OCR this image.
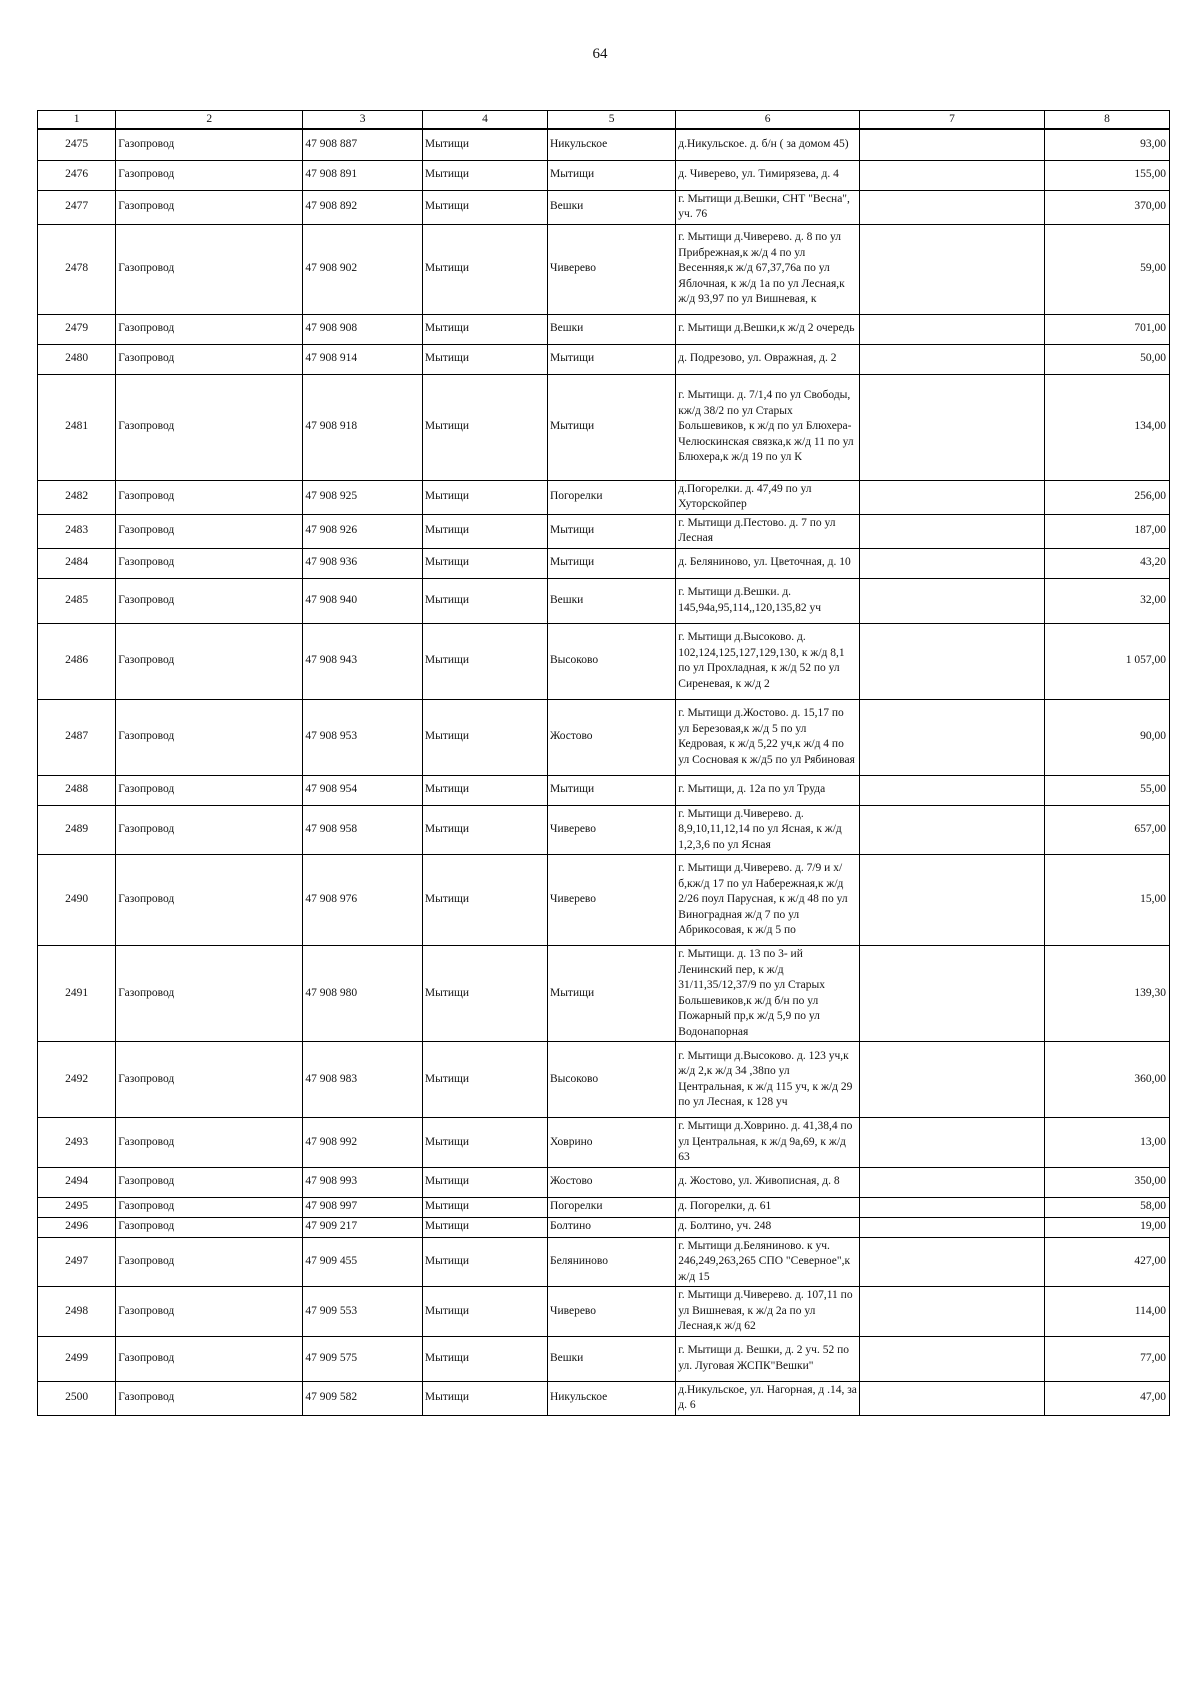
64
1	2	3	4	5	6	7	8
2475	Газопровод	47 908 887	Мытищи	Никульское	д.Никульское. д. б/н ( за домом 45)		93,00
2476	Газопровод	47 908 891	Мытищи	Мытищи	д. Чиверево, ул. Тимирязева, д. 4		155,00
2477	Газопровод	47 908 892	Мытищи	Вешки	г. Мытищи д.Вешки, СНТ "Весна", уч. 76		370,00
2478	Газопровод	47 908 902	Мытищи	Чиверево	г. Мытищи д.Чиверево. д. 8 по ул Прибрежная,к ж/д 4 по ул Весенняя,к ж/д 67,37,76а по ул Яблочная, к ж/д 1а по ул Лесная,к ж/д 93,97 по ул Вишневая, к		59,00
2479	Газопровод	47 908 908	Мытищи	Вешки	г. Мытищи д.Вешки,к ж/д 2 очередь		701,00
2480	Газопровод	47 908 914	Мытищи	Мытищи	д. Подрезово, ул. Овражная, д. 2		50,00
2481	Газопровод	47 908 918	Мытищи	Мытищи	г. Мытищи. д. 7/1,4 по ул Свободы, кж/д 38/2 по ул Старых Большевиков, к ж/д по ул Блюхера-Челюскинская связка,к ж/д 11 по ул Блюхера,к ж/д 19 по ул К		134,00
2482	Газопровод	47 908 925	Мытищи	Погорелки	д.Погорелки. д. 47,49 по ул Хуторскойпер		256,00
2483	Газопровод	47 908 926	Мытищи	Мытищи	г. Мытищи д.Пестово. д. 7 по ул Лесная		187,00
2484	Газопровод	47 908 936	Мытищи	Мытищи	д. Беляниново, ул. Цветочная, д. 10		43,20
2485	Газопровод	47 908 940	Мытищи	Вешки	г. Мытищи д.Вешки. д. 145,94а,95,114,,120,135,82 уч		32,00
2486	Газопровод	47 908 943	Мытищи	Высоково	г. Мытищи д.Высоково. д. 102,124,125,127,129,130, к ж/д 8,1 по ул Прохладная, к ж/д 52 по ул Сиреневая, к ж/д 2		1 057,00
2487	Газопровод	47 908 953	Мытищи	Жостово	г. Мытищи д.Жостово. д. 15,17 по ул Березовая,к ж/д 5 по ул Кедровая, к ж/д 5,22 уч,к ж/д 4 по ул Сосновая к ж/д5 по ул Рябиновая		90,00
2488	Газопровод	47 908 954	Мытищи	Мытищи	г. Мытищи, д. 12а по ул Труда		55,00
2489	Газопровод	47 908 958	Мытищи	Чиверево	г. Мытищи д.Чиверево. д. 8,9,10,11,12,14 по ул Ясная, к ж/д 1,2,3,6 по ул Ясная		657,00
2490	Газопровод	47 908 976	Мытищи	Чиверево	г. Мытищи д.Чиверево. д. 7/9 и х/б,кж/д 17 по ул Набережная,к ж/д 2/26 поул Парусная, к ж/д 48 по ул Виноградная ж/д 7 по ул Абрикосовая, к ж/д 5 по		15,00
2491	Газопровод	47 908 980	Мытищи	Мытищи	г. Мытищи. д. 13 по 3- ий Ленинский пер, к ж/д 31/11,35/12,37/9 по ул Старых Большевиков,к ж/д б/н по ул Пожарный пр,к ж/д 5,9 по ул Водонапорная		139,30
2492	Газопровод	47 908 983	Мытищи	Высоково	г. Мытищи д.Высоково. д. 123 уч,к ж/д 2,к ж/д 34 ,38по ул Центральная, к ж/д 115 уч, к ж/д 29 по ул Лесная, к 128 уч		360,00
2493	Газопровод	47 908 992	Мытищи	Ховрино	г. Мытищи д.Ховрино. д. 41,38,4 по ул Центральная, к ж/д 9а,69, к ж/д 63		13,00
2494	Газопровод	47 908 993	Мытищи	Жостово	д. Жостово, ул. Живописная, д. 8		350,00
2495	Газопровод	47 908 997	Мытищи	Погорелки	д. Погорелки, д. 61		58,00
2496	Газопровод	47 909 217	Мытищи	Болтино	д. Болтино, уч. 248		19,00
2497	Газопровод	47 909 455	Мытищи	Беляниново	г. Мытищи д.Беляниново. к уч. 246,249,263,265 СПО "Северное",к ж/д 15		427,00
2498	Газопровод	47 909 553	Мытищи	Чиверево	г. Мытищи д.Чиверево. д. 107,11 по ул Вишневая, к ж/д 2а по ул Лесная,к ж/д 62		114,00
2499	Газопровод	47 909 575	Мытищи	Вешки	г. Мытищи д. Вешки, д. 2 уч. 52 по ул. Луговая ЖСПК"Вешки"		77,00
2500	Газопровод	47 909 582	Мытищи	Никульское	д.Никульское, ул. Нагорная, д .14, за д. 6		47,00
